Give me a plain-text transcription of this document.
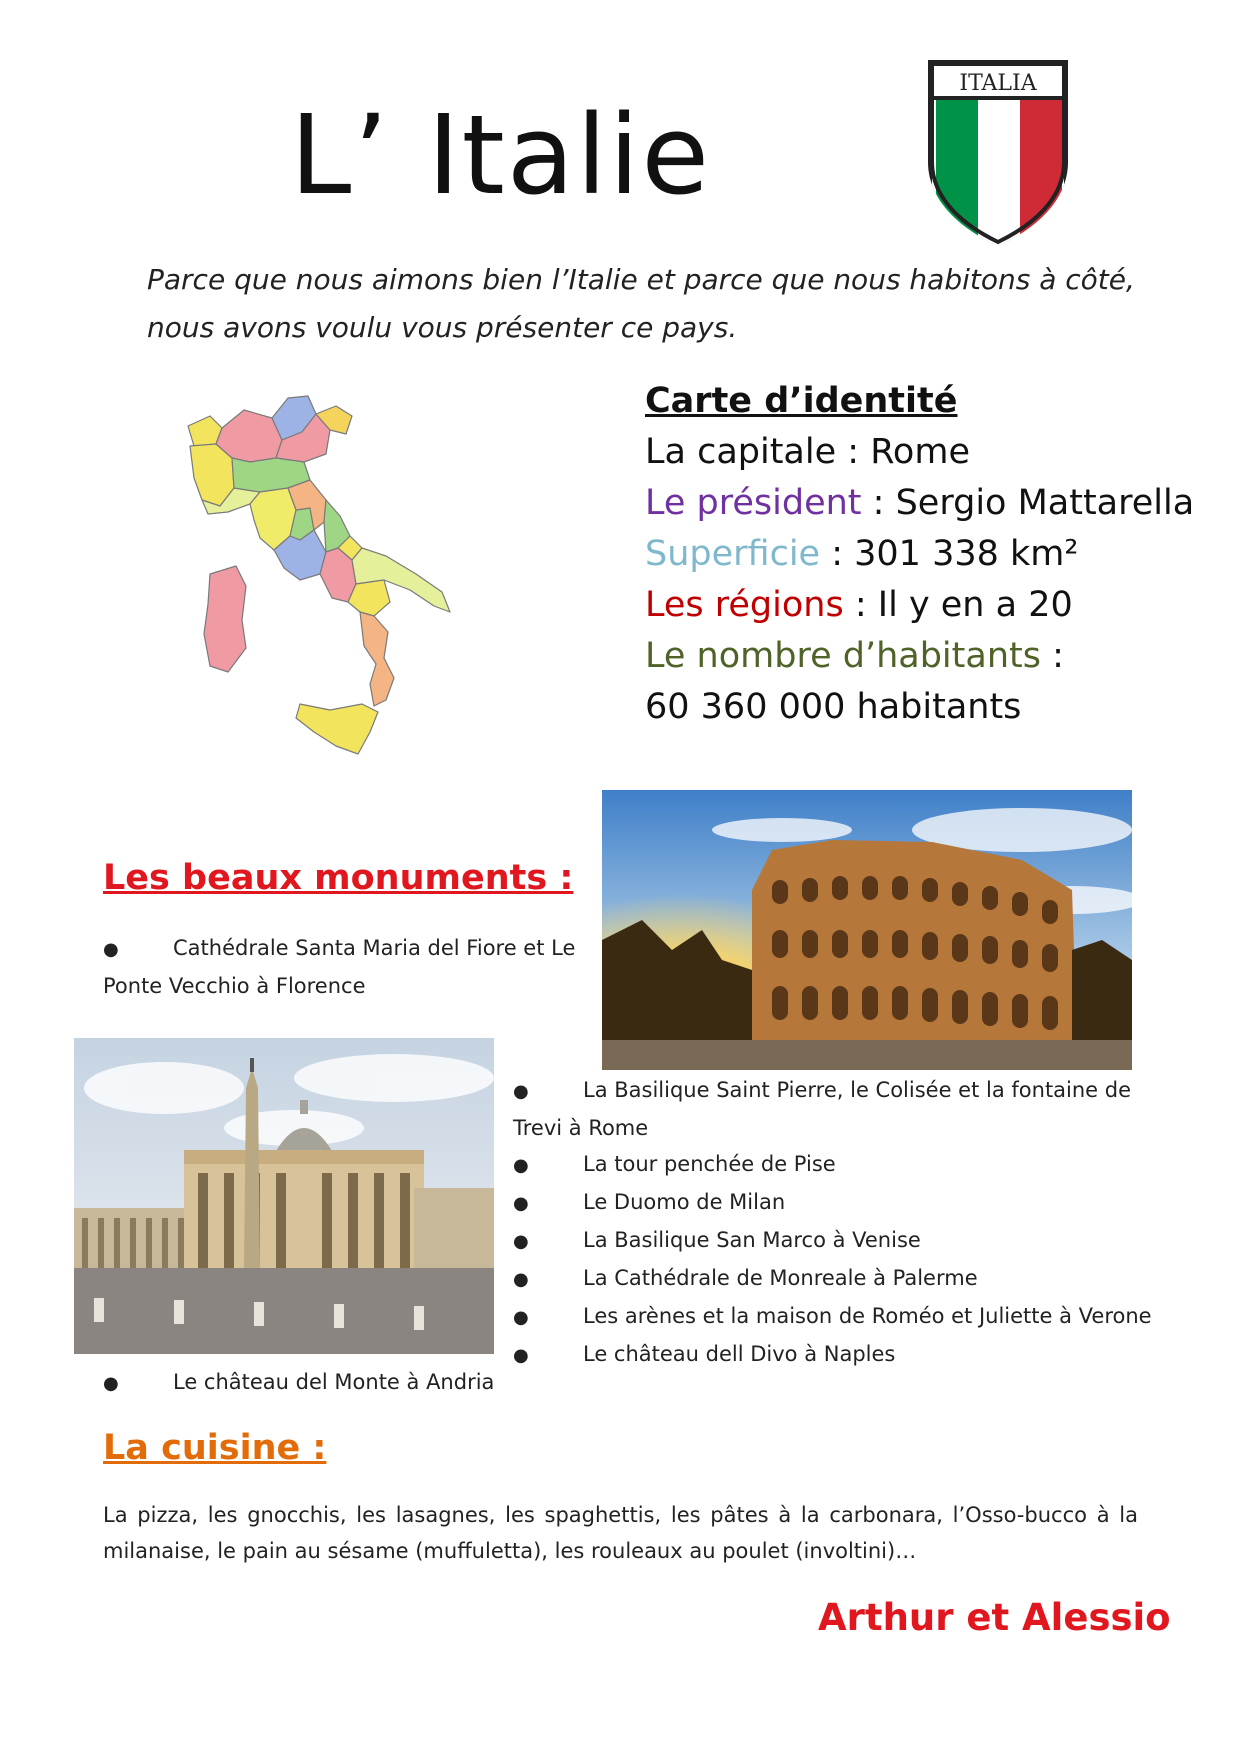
L’ Italie
ITALIA
Parce que nous aimons bien l’Italie et parce que nous habitons à côté, nous avons voulu vous présenter ce pays.
Carte d’identité
La capitale : Rome
Le président : Sergio Mattarella
Superficie : 301 338 km²
Les régions : Il y en a 20
Le nombre d’habitants :
60 360 000 habitants
Les beaux monuments :
●	Cathédrale Santa Maria del Fiore et Le Ponte Vecchio à Florence
●	La Basilique Saint Pierre, le Colisée et la fontaine de Trevi à Rome
●	La tour penchée de Pise
●	Le Duomo de Milan
●	La Basilique San Marco à Venise
●	La Cathédrale de Monreale à Palerme
●	Les arènes et la maison de Roméo et Juliette à Verone
●	Le château dell Divo à Naples
●	Le château del Monte à Andria
La cuisine :
La pizza, les gnocchis, les lasagnes, les spaghettis, les pâtes à la carbonara, l’Osso-bucco à la milanaise, le pain au sésame (muffuletta), les rouleaux au poulet (involtini)…
Arthur et Alessio
